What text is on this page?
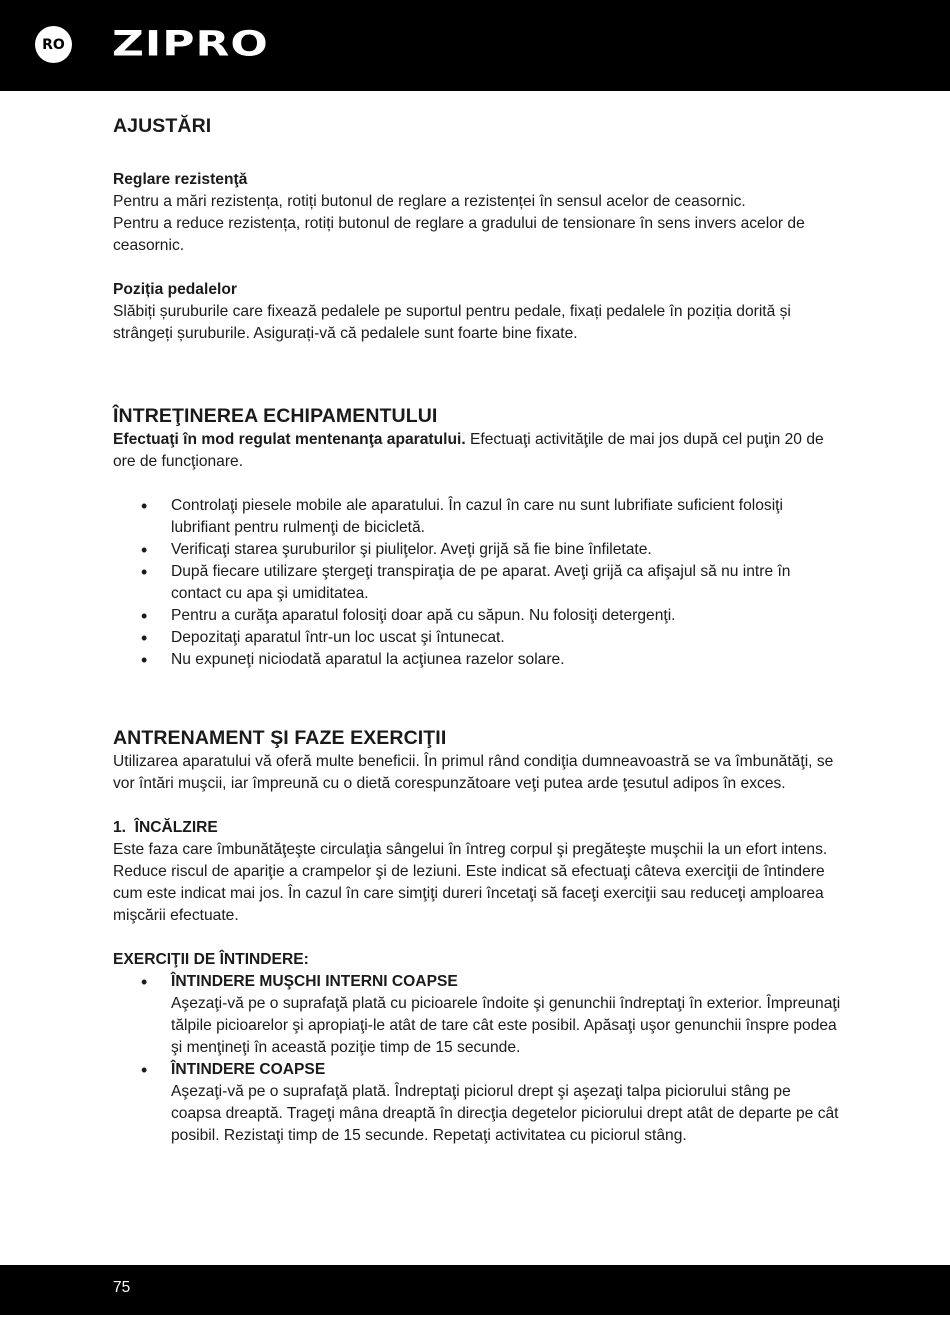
RO ZIPRO
AJUSTĂRI

Reglare rezistenţă

Pentru a mări rezistența, rotiți butonul de reglare a rezistenței în sensul acelor de ceasornic.

Pentru a reduce rezistența, rotiți butonul de reglare a gradului de tensionare în sens invers acelor de ceasornic.

Poziția pedalelor

Slăbiți șuruburile care fixează pedalele pe suportul pentru pedale, fixați pedalele în poziția dorită și strângeți șuruburile. Asigurați-vă că pedalele sunt foarte bine fixate.

ÎNTREŢINEREA ECHIPAMENTULUI

Efectuaţi în mod regulat mentenanţa aparatului. Efectuaţi activităţile de mai jos după cel puţin 20 de ore de funcţionare.

• Controlaţi piesele mobile ale aparatului. În cazul în care nu sunt lubrifiate suficient folosiţi lubrifiant pentru rulmenţi de bicicletă.
• Verificaţi starea şuruburilor şi piuliţelor. Aveţi grijă să fie bine înfiletate.
• După fiecare utilizare ştergeţi transpiraţia de pe aparat. Aveţi grijă ca afişajul să nu intre în contact cu apa şi umiditatea.
• Pentru a curăţa aparatul folosiţi doar apă cu săpun. Nu folosiţi detergenţi.
• Depozitaţi aparatul într-un loc uscat şi întunecat.
• Nu expuneţi niciodată aparatul la acţiunea razelor solare.
ANTRENAMENT ŞI FAZE EXERCIŢII

Utilizarea aparatului vă oferă multe beneficii. În primul rând condiţia dumneavoastră se va îmbunătăţi, se vor întări muşcii, iar împreună cu o dietă corespunzătoare veţi putea arde ţesutul adipos în exces.

1.  ÎNCĂLZIRE

Este faza care îmbunătăţeşte circulaţia sângelui în întreg corpul şi pregăteşte muşchii la un efort intens. Reduce riscul de apariţie a crampelor şi de leziuni. Este indicat să efectuaţi câteva exerciţii de întindere cum este indicat mai jos. În cazul în care simţiţi dureri încetaţi să faceţi exerciţii sau reduceţi amploarea mişcării efectuate.

EXERCIŢII DE ÎNTINDERE:

• ÎNTINDERE MUŞCHI INTERNI COAPSE
Aşezaţi-vă pe o suprafaţă plată cu picioarele îndoite şi genunchii îndreptaţi în exterior. Împreunaţi tălpile picioarelor şi apropiaţi-le atât de tare cât este posibil. Apăsaţi uşor genunchii înspre podea şi menţineţi în această poziţie timp de 15 secunde.
• ÎNTINDERE COAPSE
Aşezaţi-vă pe o suprafaţă plată. Îndreptaţi piciorul drept şi aşezaţi talpa piciorului stâng pe coapsa dreaptă. Trageţi mâna dreaptă în direcţia degetelor piciorului drept atât de departe pe cât posibil. Rezistaţi timp de 15 secunde. Repetaţi activitatea cu piciorul stâng.
75
